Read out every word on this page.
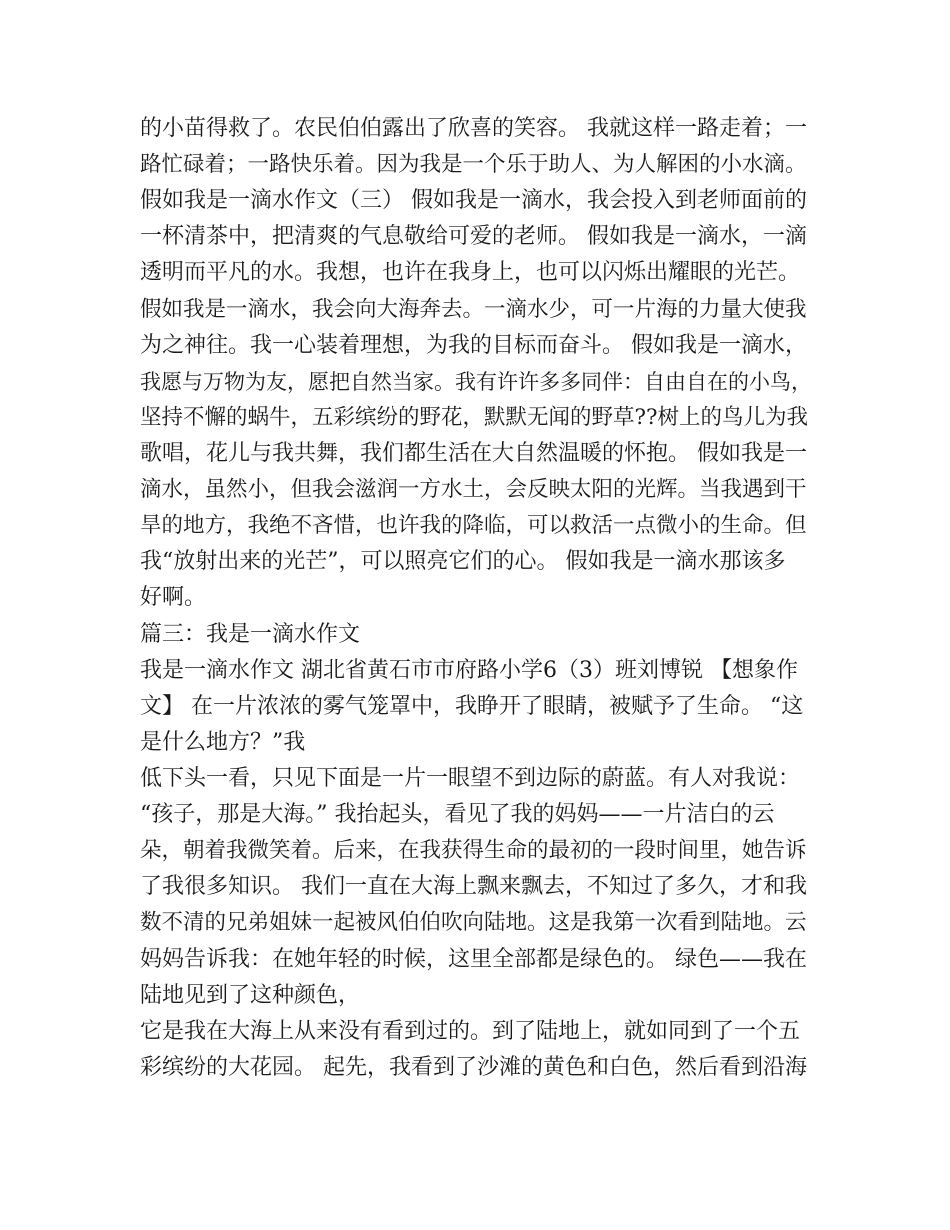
的小苗得救了。农民伯伯露出了欣喜的笑容。 我就这样一路走着；一
路忙碌着；一路快乐着。因为我是一个乐于助人、为人解困的小水滴。
假如我是一滴水作文（三） 假如我是一滴水，我会投入到老师面前的
一杯清茶中，把清爽的气息敬给可爱的老师。 假如我是一滴水，一滴
透明而平凡的水。我想，也许在我身上，也可以闪烁出耀眼的光芒。
假如我是一滴水，我会向大海奔去。一滴水少，可一片海的力量大使我
为之神往。我一心装着理想，为我的目标而奋斗。 假如我是一滴水，
我愿与万物为友，愿把自然当家。我有许许多多同伴：自由自在的小鸟，
坚持不懈的蜗牛，五彩缤纷的野花，默默无闻的野草??树上的鸟儿为我
歌唱，花儿与我共舞，我们都生活在大自然温暖的怀抱。 假如我是一
滴水，虽然小，但我会滋润一方水土，会反映太阳的光辉。当我遇到干
旱的地方，我绝不吝惜，也许我的降临，可以救活一点微小的生命。但
我“放射出来的光芒”，可以照亮它们的心。 假如我是一滴水那该多
好啊。
篇三：我是一滴水作文
我是一滴水作文 湖北省黄石市市府路小学6（3）班刘博锐 【想象作
文】 在一片浓浓的雾气笼罩中，我睁开了眼睛，被赋予了生命。 “这
是什么地方？”我
低下头一看，只见下面是一片一眼望不到边际的蔚蓝。有人对我说：
“孩子，那是大海。” 我抬起头，看见了我的妈妈——一片洁白的云
朵，朝着我微笑着。后来，在我获得生命的最初的一段时间里，她告诉
了我很多知识。 我们一直在大海上飘来飘去，不知过了多久，才和我
数不清的兄弟姐妹一起被风伯伯吹向陆地。这是我第一次看到陆地。云
妈妈告诉我：在她年轻的时候，这里全部都是绿色的。 绿色——我在
陆地见到了这种颜色，
它是我在大海上从来没有看到过的。到了陆地上，就如同到了一个五
彩缤纷的大花园。 起先，我看到了沙滩的黄色和白色，然后看到沿海
